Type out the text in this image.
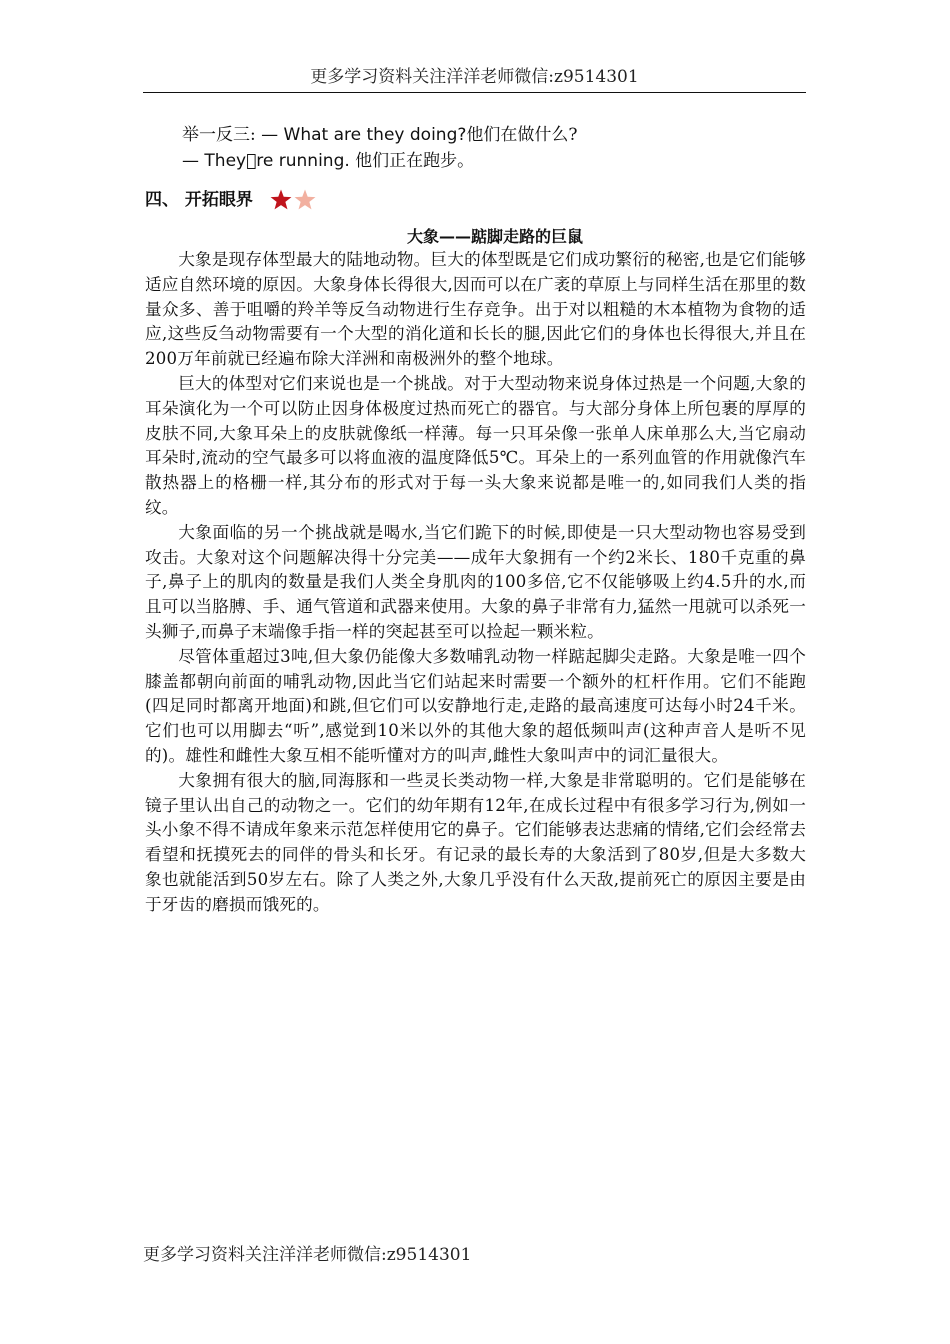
更多学习资料关注洋洋老师微信:z9514301
举一反三: — What are they doing?他们在做什么?
— They re running. 他们正在跑步。
四、 开拓眼界
大象——踮脚走路的巨鼠

大象是现存体型最大的陆地动物。巨大的体型既是它们成功繁衍的秘密,也是它们能够适应自然环境的原因。大象身体长得很大,因而可以在广袤的草原上与同样生活在那里的数量众多、善于咀嚼的羚羊等反刍动物进行生存竞争。出于对以粗糙的木本植物为食物的适应,这些反刍动物需要有一个大型的消化道和长长的腿,因此它们的身体也长得很大,并且在200万年前就已经遍布除大洋洲和南极洲外的整个地球。

巨大的体型对它们来说也是一个挑战。对于大型动物来说身体过热是一个问题,大象的耳朵演化为一个可以防止因身体极度过热而死亡的器官。与大部分身体上所包裹的厚厚的皮肤不同,大象耳朵上的皮肤就像纸一样薄。每一只耳朵像一张单人床单那么大,当它扇动耳朵时,流动的空气最多可以将血液的温度降低5℃。耳朵上的一系列血管的作用就像汽车散热器上的格栅一样,其分布的形式对于每一头大象来说都是唯一的,如同我们人类的指纹。

大象面临的另一个挑战就是喝水,当它们跪下的时候,即使是一只大型动物也容易受到攻击。大象对这个问题解决得十分完美——成年大象拥有一个约2米长、180千克重的鼻子,鼻子上的肌肉的数量是我们人类全身肌肉的100多倍,它不仅能够吸上约4.5升的水,而且可以当胳膊、手、通气管道和武器来使用。大象的鼻子非常有力,猛然一甩就可以杀死一头狮子,而鼻子末端像手指一样的突起甚至可以捡起一颗米粒。

尽管体重超过3吨,但大象仍能像大多数哺乳动物一样踮起脚尖走路。大象是唯一四个膝盖都朝向前面的哺乳动物,因此当它们站起来时需要一个额外的杠杆作用。它们不能跑(四足同时都离开地面)和跳,但它们可以安静地行走,走路的最高速度可达每小时24千米。它们也可以用脚去“听”,感觉到10米以外的其他大象的超低频叫声(这种声音人是听不见的)。雄性和雌性大象互相不能听懂对方的叫声,雌性大象叫声中的词汇量很大。

大象拥有很大的脑,同海豚和一些灵长类动物一样,大象是非常聪明的。它们是能够在镜子里认出自己的动物之一。它们的幼年期有12年,在成长过程中有很多学习行为,例如一头小象不得不请成年象来示范怎样使用它的鼻子。它们能够表达悲痛的情绪,它们会经常去看望和抚摸死去的同伴的骨头和长牙。有记录的最长寿的大象活到了80岁,但是大多数大象也就能活到50岁左右。除了人类之外,大象几乎没有什么天敌,提前死亡的原因主要是由于牙齿的磨损而饿死的。

更多学习资料关注洋洋老师微信:z9514301
